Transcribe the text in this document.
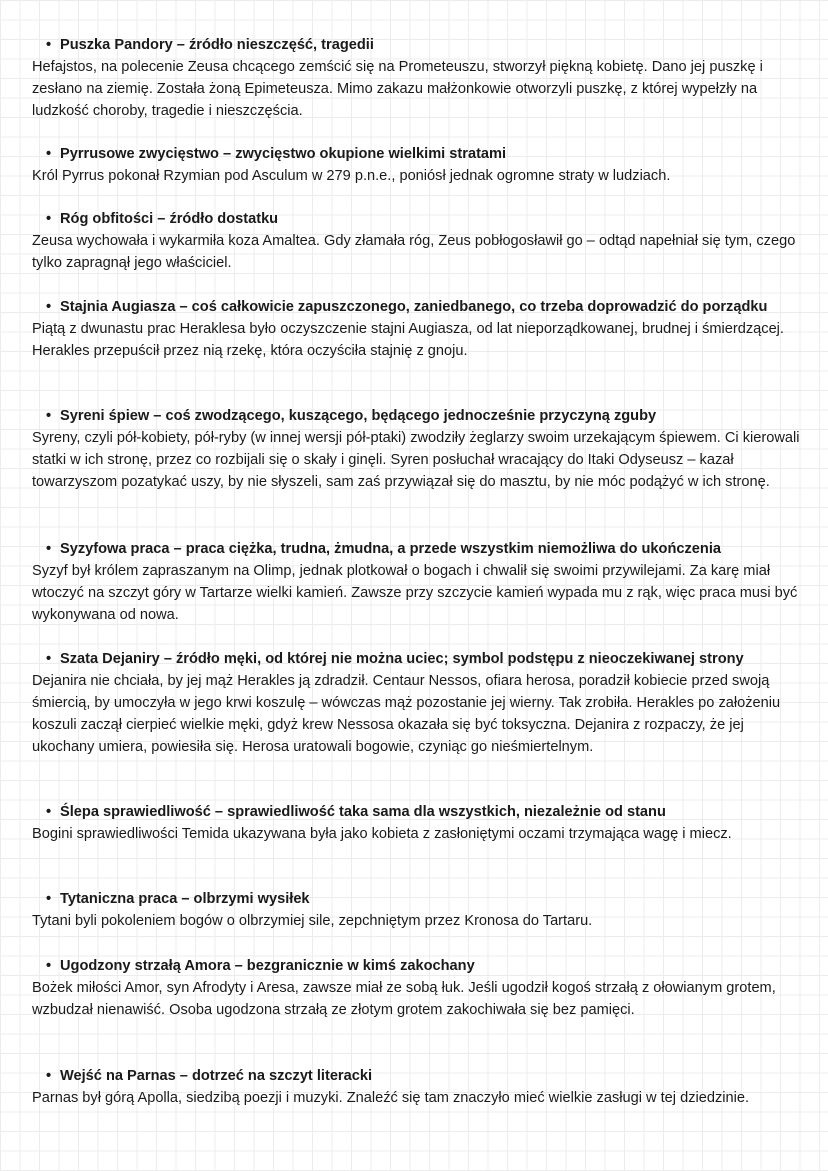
• Puszka Pandory – źródło nieszczęść, tragedii

Hefajstos, na polecenie Zeusa chcącego zemścić się na Prometeuszu, stworzył piękną kobietę. Dano jej puszkę i zesłano na ziemię. Została żoną Epimeteusza. Mimo zakazu małżonkowie otworzyli puszkę, z której wypełzły na ludzkość choroby, tragedie i nieszczęścia.

• Pyrrusowe zwycięstwo – zwycięstwo okupione wielkimi stratami

Król Pyrrus pokonał Rzymian pod Asculum w 279 p.n.e., poniósł jednak ogromne straty w ludziach.

• Róg obfitości – źródło dostatku

Zeusa wychowała i wykarmiła koza Amaltea. Gdy złamała róg, Zeus pobłogosławił go – odtąd napełniał się tym, czego tylko zapragnął jego właściciel.

• Stajnia Augiasza – coś całkowicie zapuszczonego, zaniedbanego, co trzeba doprowadzić do porządku

Piątą z dwunastu prac Heraklesa było oczyszczenie stajni Augiasza, od lat nieporządkowanej, brudnej i śmierdzącej. Herakles przepuścił przez nią rzekę, która oczyściła stajnię z gnoju.

• Syreni śpiew – coś zwodzącego, kuszącego, będącego jednocześnie przyczyną zguby

Syreny, czyli pół-kobiety, pół-ryby (w innej wersji pół-ptaki) zwodziły żeglarzy swoim urzekającym śpiewem. Ci kierowali statki w ich stronę, przez co rozbijali się o skały i ginęli. Syren posłuchał wracający do Itaki Odyseusz – kazał towarzyszom pozatykać uszy, by nie słyszeli, sam zaś przywiązał się do masztu, by nie móc podążyć w ich stronę.

• Syzyfowa praca – praca ciężka, trudna, żmudna, a przede wszystkim niemożliwa do ukończenia

Syzyf był królem zapraszanym na Olimp, jednak plotkował o bogach i chwalił się swoimi przywilejami. Za karę miał wtoczyć na szczyt góry w Tartarze wielki kamień. Zawsze przy szczycie kamień wypada mu z rąk, więc praca musi być wykonywana od nowa.

• Szata Dejaniry – źródło męki, od której nie można uciec; symbol podstępu z nieoczekiwanej strony

Dejanira nie chciała, by jej mąż Herakles ją zdradził. Centaur Nessos, ofiara herosa, poradził kobiecie przed swoją śmiercią, by umoczyła w jego krwi koszulę – wówczas mąż pozostanie jej wierny. Tak zrobiła. Herakles po założeniu koszuli zaczął cierpieć wielkie męki, gdyż krew Nessosa okazała się być toksyczna. Dejanira z rozpaczy, że jej ukochany umiera, powiesiła się. Herosa uratowali bogowie, czyniąc go nieśmiertelnym.

• Ślepa sprawiedliwość – sprawiedliwość taka sama dla wszystkich, niezależnie od stanu

Bogini sprawiedliwości Temida ukazywana była jako kobieta z zasłoniętymi oczami trzymająca wagę i miecz.

• Tytaniczna praca – olbrzymi wysiłek

Tytani byli pokoleniem bogów o olbrzymiej sile, zepchniętym przez Kronosa do Tartaru.

• Ugodzony strzałą Amora – bezgranicznie w kimś zakochany

Bożek miłości Amor, syn Afrodyty i Aresa, zawsze miał ze sobą łuk. Jeśli ugodził kogoś strzałą z ołowianym grotem, wzbudzał nienawiść. Osoba ugodzona strzałą ze złotym grotem zakochiwała się bez pamięci.

• Wejść na Parnas – dotrzeć na szczyt literacki

Parnas był górą Apolla, siedzibą poezji i muzyki. Znaleźć się tam znaczyło mieć wielkie zasługi w tej dziedzinie.
